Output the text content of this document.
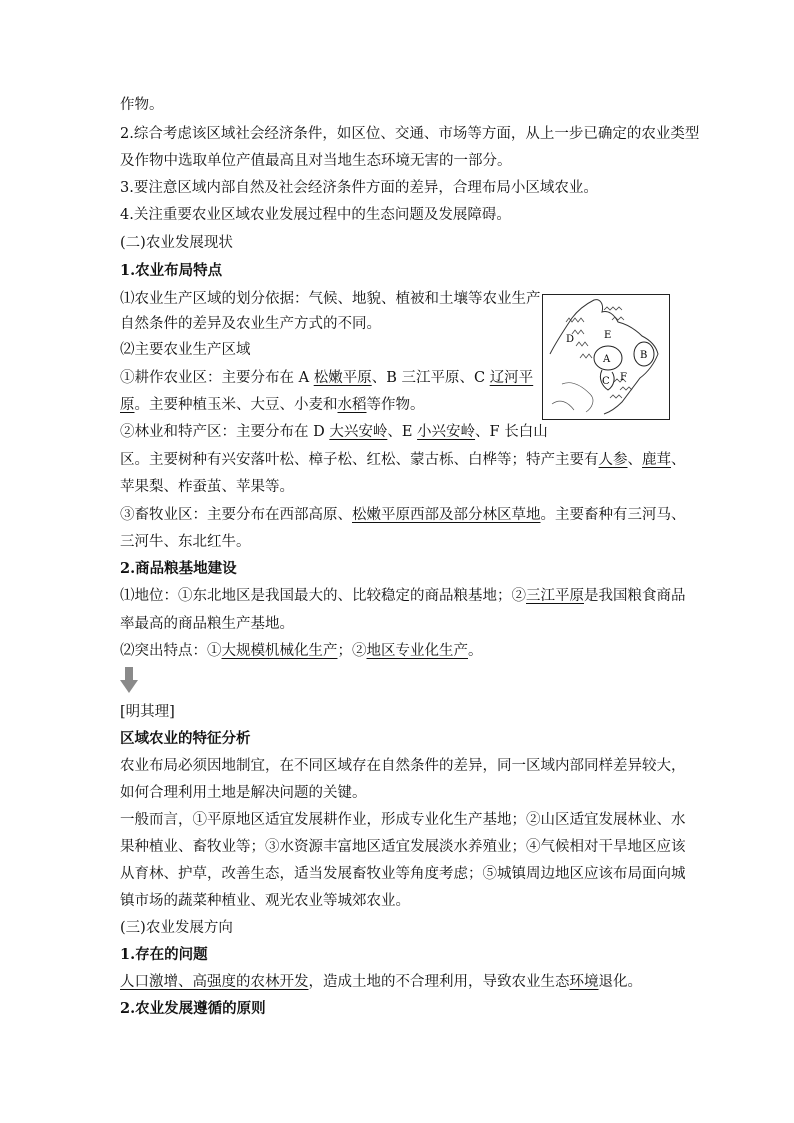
作物。
2.综合考虑该区域社会经济条件，如区位、交通、市场等方面，从上一步已确定的农业类型
及作物中选取单位产值最高且对当地生态环境无害的一部分。
3.要注意区域内部自然及社会经济条件方面的差异，合理布局小区域农业。
4.关注重要农业区域农业发展过程中的生态问题及发展障碍。
(二)农业发展现状
1.农业布局特点
⑴农业生产区域的划分依据：气候、地貌、植被和土壤等农业生产
自然条件的差异及农业生产方式的不同。
⑵主要农业生产区域
①耕作农业区：主要分布在 A 松嫩平原、B 三江平原、C 辽河平
原。主要种植玉米、大豆、小麦和水稻等作物。
②林业和特产区：主要分布在 D 大兴安岭、E 小兴安岭、F 长白山
区。主要树种有兴安落叶松、樟子松、红松、蒙古栎、白桦等；特产主要有人参、鹿茸、
苹果梨、柞蚕茧、苹果等。
③畜牧业区：主要分布在西部高原、松嫩平原西部及部分林区草地。主要畜种有三河马、
三河牛、东北红牛。
2.商品粮基地建设
⑴地位：①东北地区是我国最大的、比较稳定的商品粮基地；②三江平原是我国粮食商品
率最高的商品粮生产基地。
⑵突出特点：①大规模机械化生产；②地区专业化生产。
[明其理]
区域农业的特征分析
农业布局必须因地制宜，在不同区域存在自然条件的差异，同一区域内部同样差异较大，
如何合理利用土地是解决问题的关键。
一般而言，①平原地区适宜发展耕作业，形成专业化生产基地；②山区适宜发展林业、水
果种植业、畜牧业等；③水资源丰富地区适宜发展淡水养殖业；④气候相对干旱地区应该
从育林、护草，改善生态，适当发展畜牧业等角度考虑；⑤城镇周边地区应该布局面向城
镇市场的蔬菜种植业、观光农业等城郊农业。
(三)农业发展方向
1.存在的问题
人口激增、高强度的农林开发，造成土地的不合理利用，导致农业生态环境退化。
2.农业发展遵循的原则
D	E
F
A	B
C
